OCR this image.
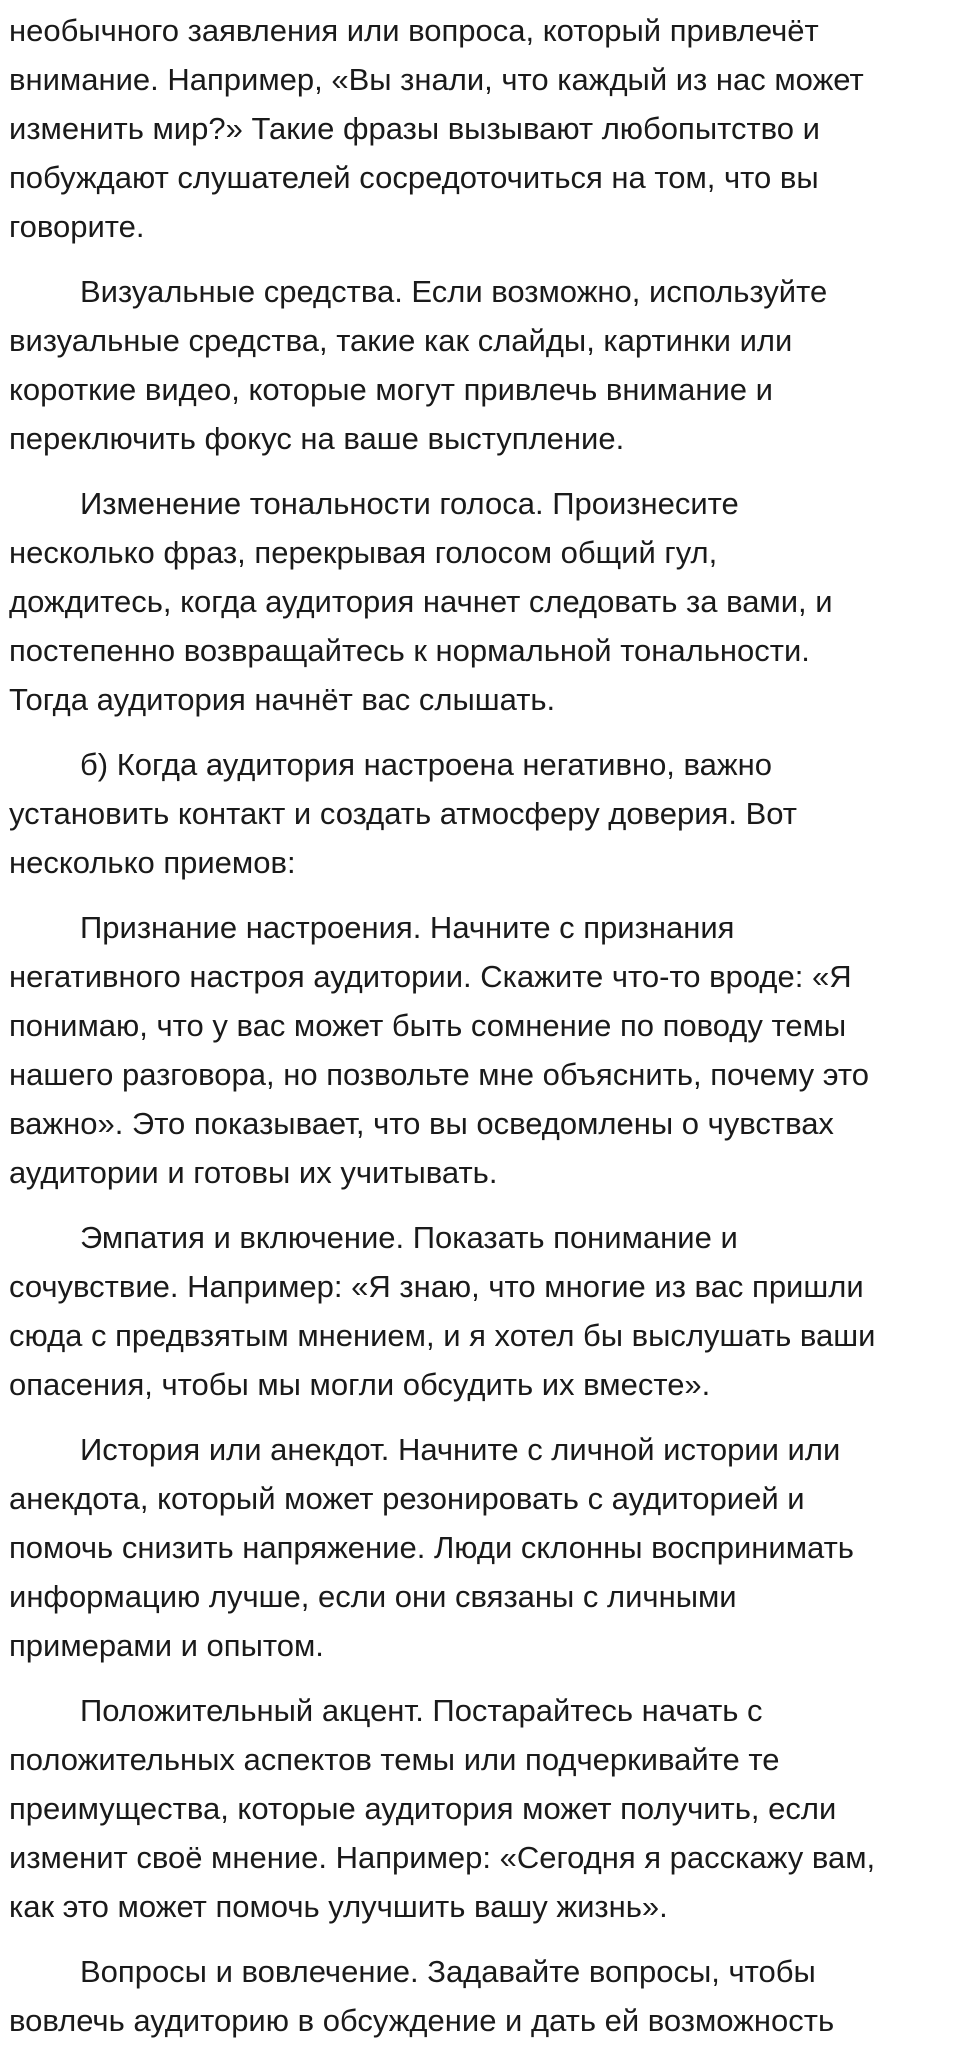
необычного заявления или вопроса, который привлечёт
внимание. Например, «Вы знали, что каждый из нас может
изменить мир?» Такие фразы вызывают любопытство и
побуждают слушателей сосредоточиться на том, что вы
говорите.

Визуальные средства. Если возможно, используйте
визуальные средства, такие как слайды, картинки или
короткие видео, которые могут привлечь внимание и
переключить фокус на ваше выступление.

Изменение тональности голоса. Произнесите
несколько фраз, перекрывая голосом общий гул,
дождитесь, когда аудитория начнет следовать за вами, и
постепенно возвращайтесь к нормальной тональности.
Тогда аудитория начнёт вас слышать.

б) Когда аудитория настроена негативно, важно
установить контакт и создать атмосферу доверия. Вот
несколько приемов:

Признание настроения. Начните с признания
негативного настроя аудитории. Скажите что-то вроде: «Я
понимаю, что у вас может быть сомнение по поводу темы
нашего разговора, но позвольте мне объяснить, почему это
важно». Это показывает, что вы осведомлены о чувствах
аудитории и готовы их учитывать.

Эмпатия и включение. Показать понимание и
сочувствие. Например: «Я знаю, что многие из вас пришли
сюда с предвзятым мнением, и я хотел бы выслушать ваши
опасения, чтобы мы могли обсудить их вместе».

История или анекдот. Начните с личной истории или
анекдота, который может резонировать с аудиторией и
помочь снизить напряжение. Люди склонны воспринимать
информацию лучше, если они связаны с личными
примерами и опытом.

Положительный акцент. Постарайтесь начать с
положительных аспектов темы или подчеркивайте те
преимущества, которые аудитория может получить, если
изменит своё мнение. Например: «Сегодня я расскажу вам,
как это может помочь улучшить вашу жизнь».

Вопросы и вовлечение. Задавайте вопросы, чтобы
вовлечь аудиторию в обсуждение и дать ей возможность
